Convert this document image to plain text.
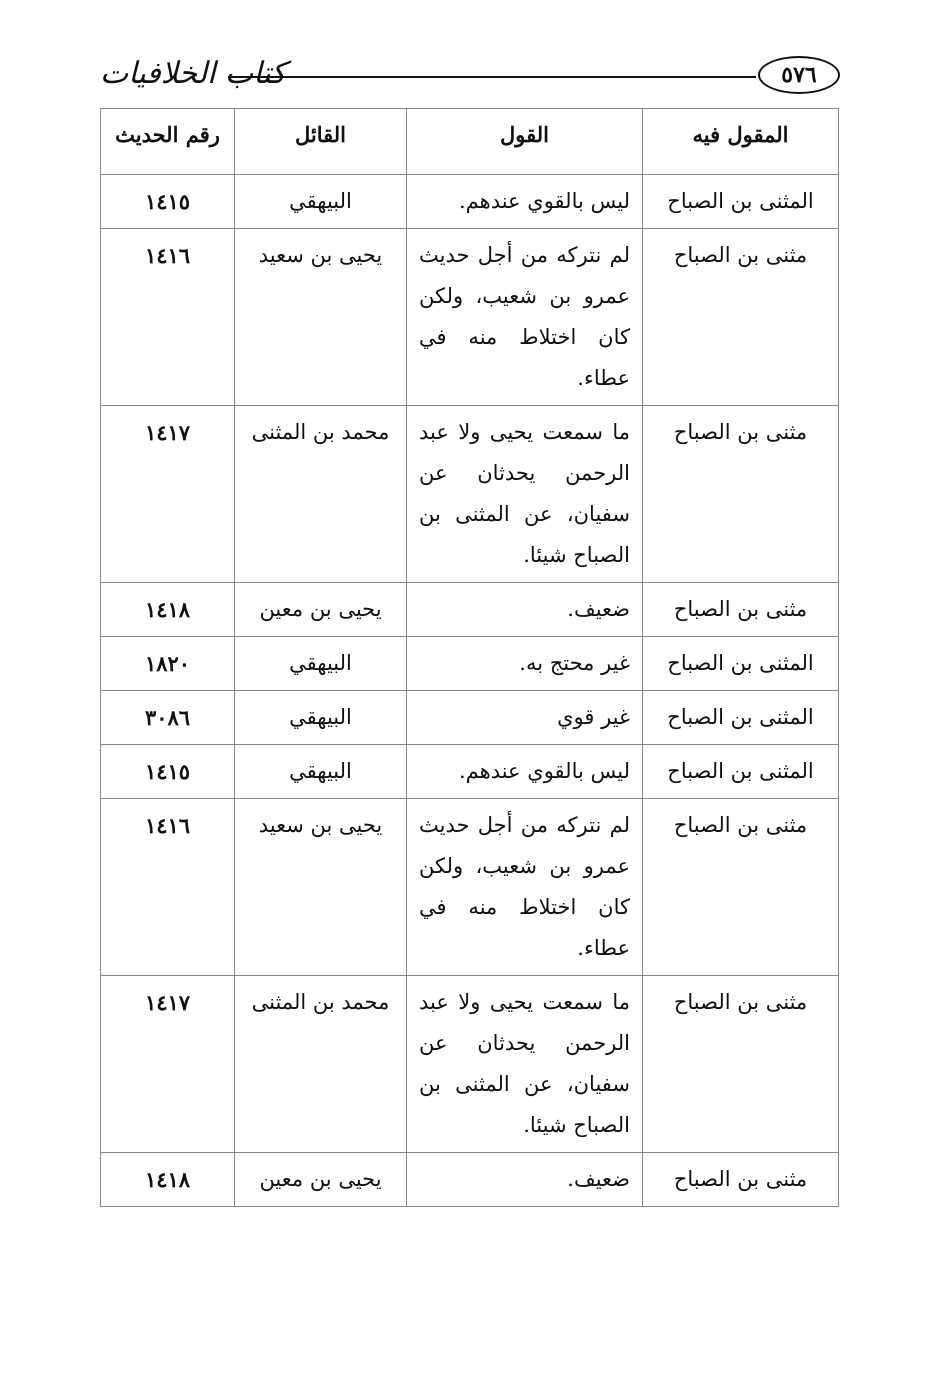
كتاب الخلافيات	٥٧٦
المقول فيه	القول	القائل	رقم الحديث
المثنى بن الصباح	ليس بالقوي عندهم.	البيهقي	١٤١٥
مثنى بن الصباح	لم نتركه من أجل حديث عمرو بن شعيب، ولكن كان اختلاط منه في عطاء.	يحيى بن سعيد	١٤١٦
مثنى بن الصباح	ما سمعت يحيى ولا عبد الرحمن يحدثان عن سفيان، عن المثنى بن الصباح شيئا.	محمد بن المثنى	١٤١٧
مثنى بن الصباح	ضعيف.	يحيى بن معين	١٤١٨
المثنى بن الصباح	غير محتج به.	البيهقي	١٨٢٠
المثنى بن الصباح	غير قوي	البيهقي	٣٠٨٦
المثنى بن الصباح	ليس بالقوي عندهم.	البيهقي	١٤١٥
مثنى بن الصباح	لم نتركه من أجل حديث عمرو بن شعيب، ولكن كان اختلاط منه في عطاء.	يحيى بن سعيد	١٤١٦
مثنى بن الصباح	ما سمعت يحيى ولا عبد الرحمن يحدثان عن سفيان، عن المثنى بن الصباح شيئا.	محمد بن المثنى	١٤١٧
مثنى بن الصباح	ضعيف.	يحيى بن معين	١٤١٨
